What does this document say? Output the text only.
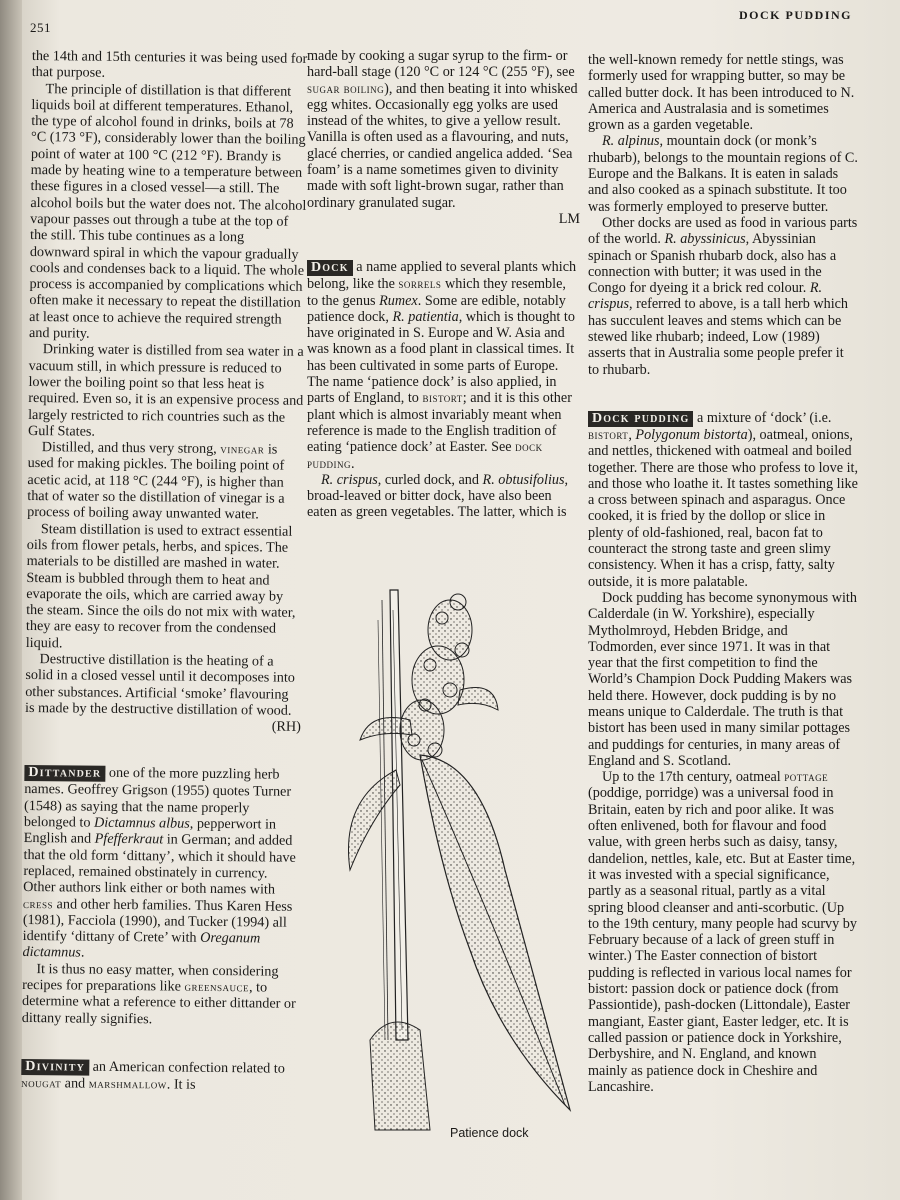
251
DOCK PUDDING

the 14th and 15th centuries it was being used for that purpose.

The principle of distillation is that different liquids boil at different temperatures. Ethanol, the type of alcohol found in drinks, boils at 78 °C (173 °F), considerably lower than the boiling point of water at 100 °C (212 °F). Brandy is made by heating wine to a temperature between these figures in a closed vessel—a still. The alcohol boils but the water does not. The alcohol vapour passes out through a tube at the top of the still. This tube continues as a long downward spiral in which the vapour gradually cools and condenses back to a liquid. The whole process is accompanied by complications which often make it necessary to repeat the distillation at least once to achieve the required strength and purity.

Drinking water is distilled from sea water in a vacuum still, in which pressure is reduced to lower the boiling point so that less heat is required. Even so, it is an expensive process and largely restricted to rich countries such as the Gulf States.

Distilled, and thus very strong, vinegar is used for making pickles. The boiling point of acetic acid, at 118 °C (244 °F), is higher than that of water so the distillation of vinegar is a process of boiling away unwanted water.

Steam distillation is used to extract essential oils from flower petals, herbs, and spices. The materials to be distilled are mashed in water. Steam is bubbled through them to heat and evaporate the oils, which are carried away by the steam. Since the oils do not mix with water, they are easy to recover from the condensed liquid.

Destructive distillation is the heating of a solid in a closed vessel until it decomposes into other substances. Artificial ‘smoke’ flavouring is made by the destructive distillation of wood.
(RH)

Dittander one of the more puzzling herb names. Geoffrey Grigson (1955) quotes Turner (1548) as saying that the name properly belonged to Dictamnus albus, pepperwort in English and Pfefferkraut in German; and added that the old form ‘dittany’, which it should have replaced, remained obstinately in currency. Other authors link either or both names with cress and other herb families. Thus Karen Hess (1981), Facciola (1990), and Tucker (1994) all identify ‘dittany of Crete’ with Oreganum dictamnus.

It is thus no easy matter, when considering recipes for preparations like greensauce, to determine what a reference to either dittander or dittany really signifies.

Divinity an American confection related to nougat and marshmallow. It is

made by cooking a sugar syrup to the firm- or hard-ball stage (120 °C or 124 °C (255 °F), see sugar boiling), and then beating it into whisked egg whites. Occasionally egg yolks are used instead of the whites, to give a yellow result. Vanilla is often used as a flavouring, and nuts, glacé cherries, or candied angelica added. ‘Sea foam’ is a name sometimes given to divinity made with soft light-brown sugar, rather than ordinary granulated sugar.
LM

Dock a name applied to several plants which belong, like the sorrels which they resemble, to the genus Rumex. Some are edible, notably patience dock, R. patientia, which is thought to have originated in S. Europe and W. Asia and was known as a food plant in classical times. It has been cultivated in some parts of Europe. The name ‘patience dock’ is also applied, in parts of England, to bistort; and it is this other plant which is almost invariably meant when reference is made to the English tradition of eating ‘patience dock’ at Easter. See dock pudding.

R. crispus, curled dock, and R. obtusifolius, broad-leaved or bitter dock, have also been eaten as green vegetables. The latter, which is

Patience dock

the well-known remedy for nettle stings, was formerly used for wrapping butter, so may be called butter dock. It has been introduced to N. America and Australasia and is sometimes grown as a garden vegetable.

R. alpinus, mountain dock (or monk’s rhubarb), belongs to the mountain regions of C. Europe and the Balkans. It is eaten in salads and also cooked as a spinach substitute. It too was formerly employed to preserve butter.

Other docks are used as food in various parts of the world. R. abyssinicus, Abyssinian spinach or Spanish rhubarb dock, also has a connection with butter; it was used in the Congo for dyeing it a brick red colour. R. crispus, referred to above, is a tall herb which has succulent leaves and stems which can be stewed like rhubarb; indeed, Low (1989) asserts that in Australia some people prefer it to rhubarb.

Dock pudding a mixture of ‘dock’ (i.e. bistort, Polygonum bistorta), oatmeal, onions, and nettles, thickened with oatmeal and boiled together. There are those who profess to love it, and those who loathe it. It tastes something like a cross between spinach and asparagus. Once cooked, it is fried by the dollop or slice in plenty of old-fashioned, real, bacon fat to counteract the strong taste and green slimy consistency. When it has a crisp, fatty, salty outside, it is more palatable.

Dock pudding has become synonymous with Calderdale (in W. Yorkshire), especially Mytholmroyd, Hebden Bridge, and Todmorden, ever since 1971. It was in that year that the first competition to find the World’s Champion Dock Pudding Makers was held there. However, dock pudding is by no means unique to Calderdale. The truth is that bistort has been used in many similar pottages and puddings for centuries, in many areas of England and S. Scotland.

Up to the 17th century, oatmeal pottage (poddige, porridge) was a universal food in Britain, eaten by rich and poor alike. It was often enlivened, both for flavour and food value, with green herbs such as daisy, tansy, dandelion, nettles, kale, etc. But at Easter time, it was invested with a special significance, partly as a seasonal ritual, partly as a vital spring blood cleanser and anti-scorbutic. (Up to the 19th century, many people had scurvy by February because of a lack of green stuff in winter.) The Easter connection of bistort pudding is reflected in various local names for bistort: passion dock or patience dock (from Passiontide), pash-docken (Littondale), Easter mangiant, Easter giant, Easter ledger, etc. It is called passion or patience dock in Yorkshire, Derbyshire, and N. England, and known mainly as patience dock in Cheshire and Lancashire.
